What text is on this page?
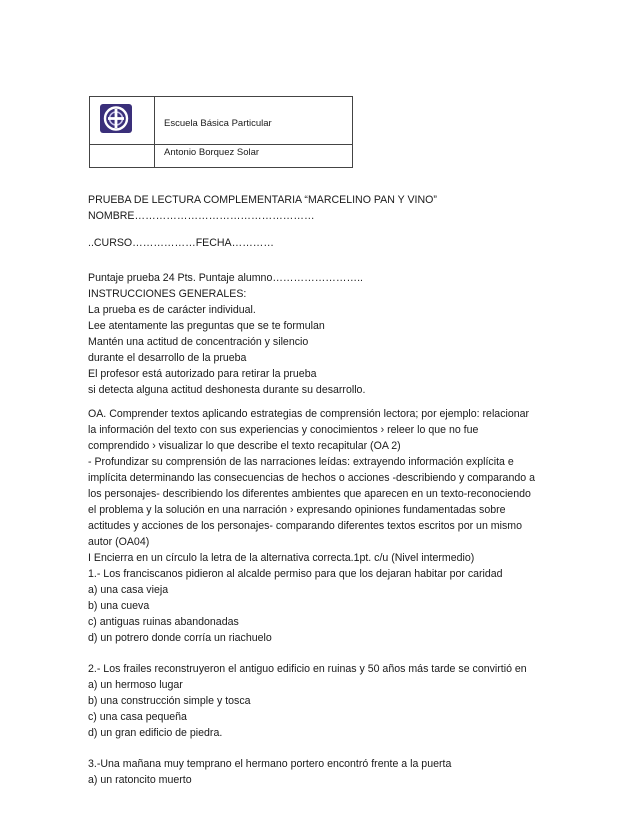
Escuela Básica Particular
Antonio Borquez Solar
PRUEBA DE LECTURA COMPLEMENTARIA “MARCELINO PAN Y VINO”
NOMBRE……………………………………………
..CURSO………………FECHA…………
Puntaje prueba 24 Pts. Puntaje alumno……………………..
INSTRUCCIONES GENERALES:
La prueba es de carácter individual.
Lee atentamente las preguntas que se te formulan
Mantén una actitud de concentración y silencio
durante el desarrollo de la prueba
El profesor está autorizado para retirar la prueba
si detecta alguna actitud deshonesta durante su desarrollo.
OA. Comprender textos aplicando estrategias de comprensión lectora; por ejemplo: relacionar
la información del texto con sus experiencias y conocimientos › releer lo que no fue
comprendido › visualizar lo que describe el texto recapitular (OA 2)
- Profundizar su comprensión de las narraciones leídas: extrayendo información explícita e
implícita determinando las consecuencias de hechos o acciones -describiendo y comparando a
los personajes- describiendo los diferentes ambientes que aparecen en un texto-reconociendo
el problema y la solución en una narración › expresando opiniones fundamentadas sobre
actitudes y acciones de los personajes- comparando diferentes textos escritos por un mismo
autor (OA04)
I Encierra en un círculo la letra de la alternativa correcta.1pt. c/u (Nivel intermedio)
1.- Los franciscanos pidieron al alcalde permiso para que los dejaran habitar por caridad
a) una casa vieja
b) una cueva
c) antiguas ruinas abandonadas
d) un potrero donde corría un riachuelo
2.- Los frailes reconstruyeron el antiguo edificio en ruinas y 50 años más tarde se convirtió en
a) un hermoso lugar
b) una construcción simple y tosca
c) una casa pequeña
d) un gran edificio de piedra.
3.-Una mañana muy temprano el hermano portero encontró frente a la puerta
a) un ratoncito muerto
